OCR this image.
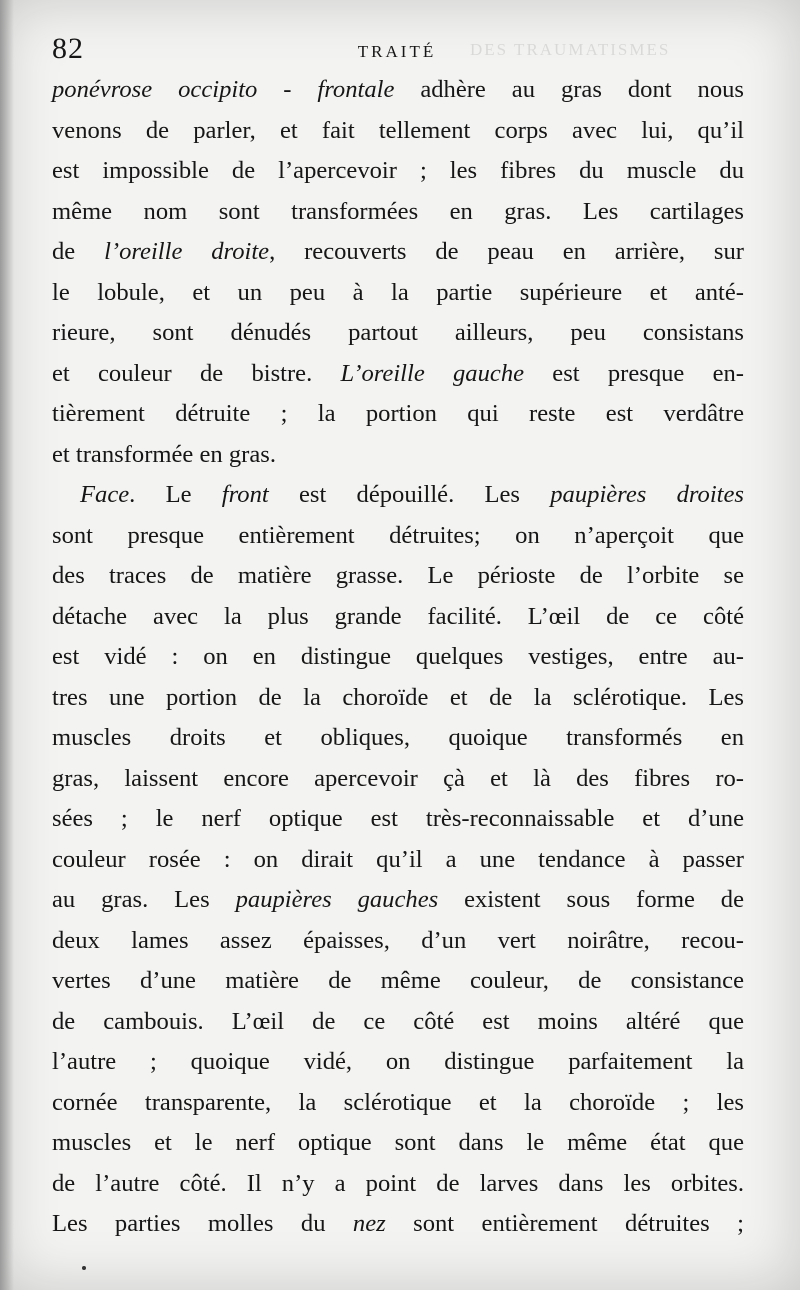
DES TRAUMATISMES
82	TRAITÉ
ponévrose occipito - frontale adhère au gras dont nous
venons de parler, et fait tellement corps avec lui, qu’il
est impossible de l’apercevoir ; les fibres du muscle du
même nom sont transformées en gras. Les cartilages
de l’oreille droite, recouverts de peau en arrière, sur
le lobule, et un peu à la partie supérieure et anté-
rieure, sont dénudés partout ailleurs, peu consistans
et couleur de bistre. L’oreille gauche est presque en-
tièrement détruite ; la portion qui reste est verdâtre
et transformée en gras.
Face. Le front est dépouillé. Les paupières droites
sont presque entièrement détruites; on n’aperçoit que
des traces de matière grasse. Le périoste de l’orbite se
détache avec la plus grande facilité. L’œil de ce côté
est vidé : on en distingue quelques vestiges, entre au-
tres une portion de la choroïde et de la sclérotique. Les
muscles droits et obliques, quoique transformés en
gras, laissent encore apercevoir çà et là des fibres ro-
sées ; le nerf optique est très-reconnaissable et d’une
couleur rosée : on dirait qu’il a une tendance à passer
au gras. Les paupières gauches existent sous forme de
deux lames assez épaisses, d’un vert noirâtre, recou-
vertes d’une matière de même couleur, de consistance
de cambouis. L’œil de ce côté est moins altéré que
l’autre ; quoique vidé, on distingue parfaitement la
cornée transparente, la sclérotique et la choroïde ; les
muscles et le nerf optique sont dans le même état que
de l’autre côté. Il n’y a point de larves dans les orbites.
Les parties molles du nez sont entièrement détruites ;
